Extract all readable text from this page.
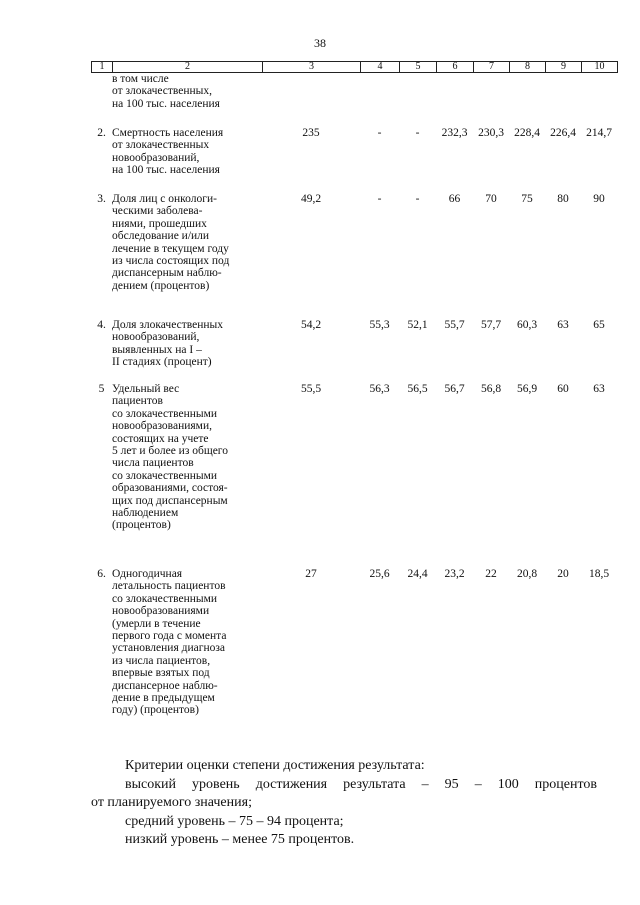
38
1	2	3	4	5	6	7	8	9	10

в том числе
от злокачественных,
на 100 тыс. населения

2.	Смертность населения
от злокачественных
новообразований,
на 100 тыс. населения
	235	-	-	232,3	230,3	228,4	226,4	214,7
3.	Доля лиц с онкологи-
ческими заболева-
ниями, прошедших
обследование и/или
лечение в текущем году
из числа состоящих под
диспансерным наблю-
дением (процентов)
	49,2	-	-	66	70	75	80	90
4.	Доля злокачественных
новообразований,
выявленных на I –
II стадиях (процент)
	54,2	55,3	52,1	55,7	57,7	60,3	63	65
5	Удельный вес
пациентов
со злокачественными
новообразованиями,
состоящих на учете
5 лет и более из общего
числа пациентов
со злокачественными
образованиями, состоя-
щих под диспансерным
наблюдением
(процентов)
	55,5	56,3	56,5	56,7	56,8	56,9	60	63
6.	Одногодичная
летальность пациентов
со злокачественными
новообразованиями
(умерли в течение
первого года с момента
установления диагноза
из числа пациентов,
впервые взятых под
диспансерное наблю-
дение в предыдущем
году) (процентов)
	27	25,6	24,4	23,2	22	20,8	20	18,5
Критерии оценки степени достижения результата:
высокий уровень достижения результата – 95 – 100 процентов
от планируемого значения;
средний уровень – 75 – 94 процента;
низкий уровень – менее 75 процентов.
